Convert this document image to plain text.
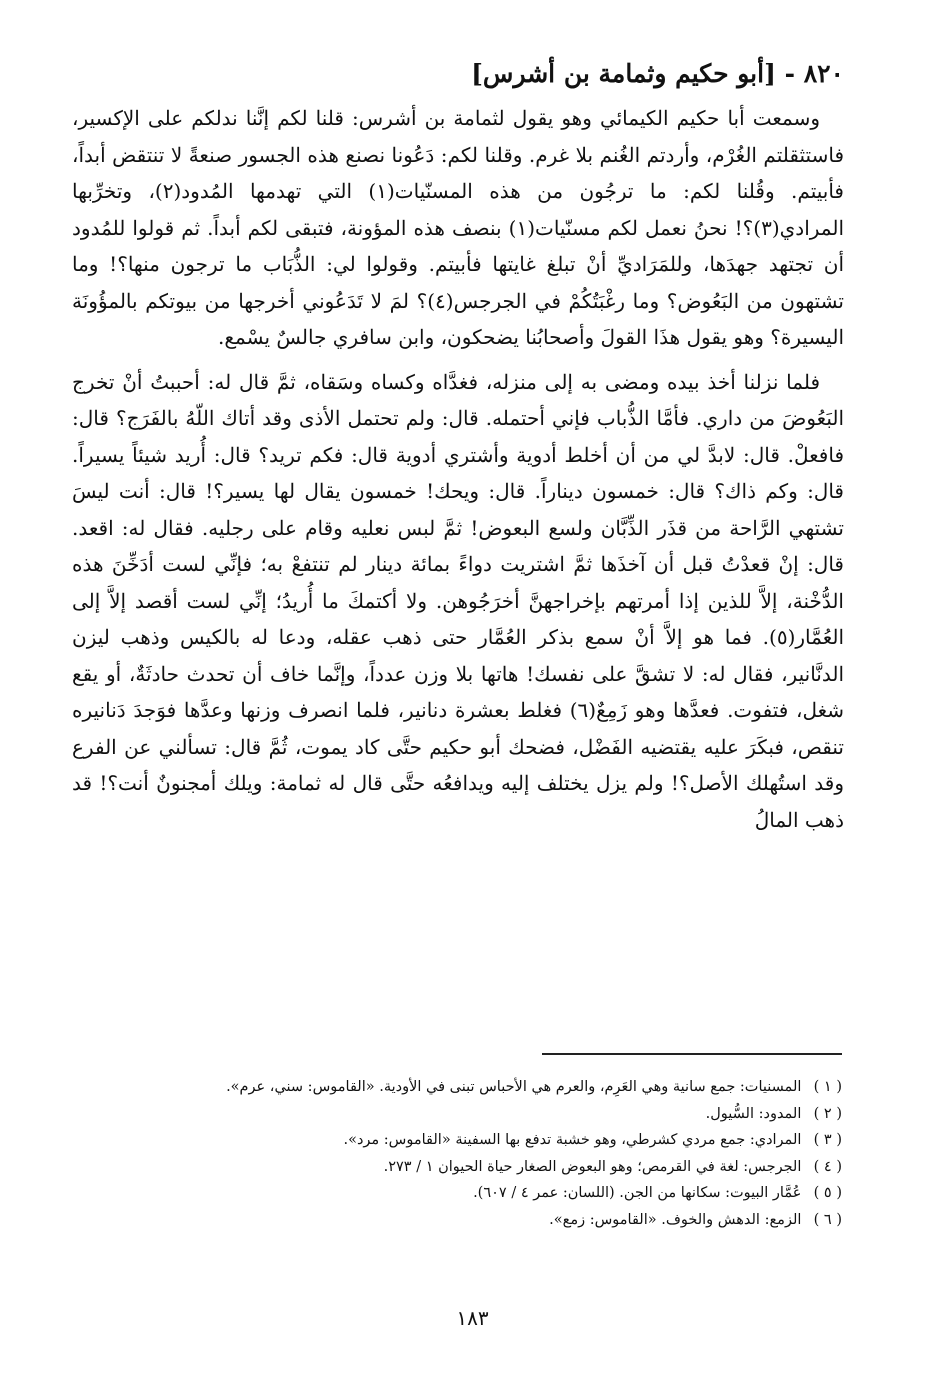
٨٢٠ - [أبو حكيم وثمامة بن أشرس]

وسمعت أبا حكيم الكيمائي وهو يقول لثمامة بن أشرس: قلنا لكم إنَّنا ندلكم على الإكسير، فاستثقلتم الغُرْم، وأردتم الغُنم بلا غرم. وقلنا لكم: دَعُونا نصنع هذه الجسور صنعةً لا تنتقض أبداً، فأبيتم. وقُلنا لكم: ما ترجُون من هذه المسنّيات(١) التي تهدمها المُدود(٢)، وتخرِّبها المرادي(٣)؟! نحنُ نعمل لكم مسنّيات(١) بنصف هذه المؤونة، فتبقى لكم أبداً. ثم قولوا للمُدود أن تجتهد جهدَها، وللمَرَاديِّ أنْ تبلغ غايتها فأبيتم. وقولوا لي: الذُّبَاب ما ترجون منها؟! وما تشتهون من البَعُوض؟ وما رغْبَتُكُمْ في الجرجس(٤)؟ لمَ لا تَدَعُوني أخرجها من بيوتكم بالمؤُونَة اليسيرة؟ وهو يقول هذَا القولَ وأصحابُنا يضحكون، وابن سافري جالسٌ يسْمع.

فلما نزلنا أخذ بيده ومضى به إلى منزله، فغدَّاه وكساه وسَقاه، ثمَّ قال له: أحببتُ أنْ تخرج البَعُوضَ من داري. فأمَّا الذُّباب فإني أحتمله. قال: ولم تحتمل الأذى وقد أتاك اللّهُ بالفَرَج؟ قال: فافعلْ. قال: لابدَّ لي من أن أخلط أدوية وأشتري أدوية قال: فكم تريد؟ قال: أُريد شيئاً يسيراً. قال: وكم ذاك؟ قال: خمسون ديناراً. قال: ويحك! خمسون يقال لها يسير؟! قال: أنت ليسَ تشتهي الرَّاحة من قذَر الذِّبَّان ولسع البعوض! ثمَّ لبس نعليه وقام على رجليه. فقال له: اقعد. قال: إنْ قعدْتُ قبل أن آخذَها ثمَّ اشتريت دواءً بمائة دينار لم تنتفعْ به؛ فإنِّي لست أدَخِّنَ هذه الدُّخْنة، إلاَّ للذين إذا أمرتهم بإخراجهنَّ أخرَجُوهن. ولا أكتمكَ ما أُريدُ؛ إنِّي لست أقصد إلاَّ إلى العُمَّار(٥). فما هو إلاَّ أنْ سمع بذكر العُمَّار حتى ذهب عقله، ودعا له بالكيس وذهب ليزن الدنَّانير، فقال له: لا تشقَّ على نفسك! هاتها بلا وزن عدداً، وإنَّما خاف أن تحدث حادثَةٌ، أو يقع شغل، فتفوت. فعدَّها وهو زَمِعٌ(٦) فغلط بعشرة دنانير، فلما انصرف وزنها وعدَّها فوَجدَ دَنانيره تنقص، فبكَرَ عليه يقتضيه الفَضْل، فضحك أبو حكيم حتَّى كاد يموت، ثُمَّ قال: تسألني عن الفرع وقد استُهلك الأصل؟! ولم يزل يختلف إليه ويدافعُه حتَّى قال له ثمامة: ويلك أمجنونٌ أنت؟! قد ذهب المالُ

( ١ ) المسنيات: جمع سانية وهي العَرِم، والعرم هي الأحباس تبنى في الأودية. «القاموس: سني، عرم».

( ٢ ) المدود: السُّيول.

( ٣ ) المرادي: جمع مردي كشرطي، وهو خشبة تدفع بها السفينة «القاموس: مرد».

( ٤ ) الجرجس: لغة في القرمص؛ وهو البعوض الصغار حياة الحيوان ١ / ٢٧٣.

( ٥ ) عُمَّار البيوت: سكانها من الجن. (اللسان: عمر ٤ / ٦٠٧).

( ٦ ) الزمع: الدهش والخوف. «القاموس: زمع».

١٨٣
